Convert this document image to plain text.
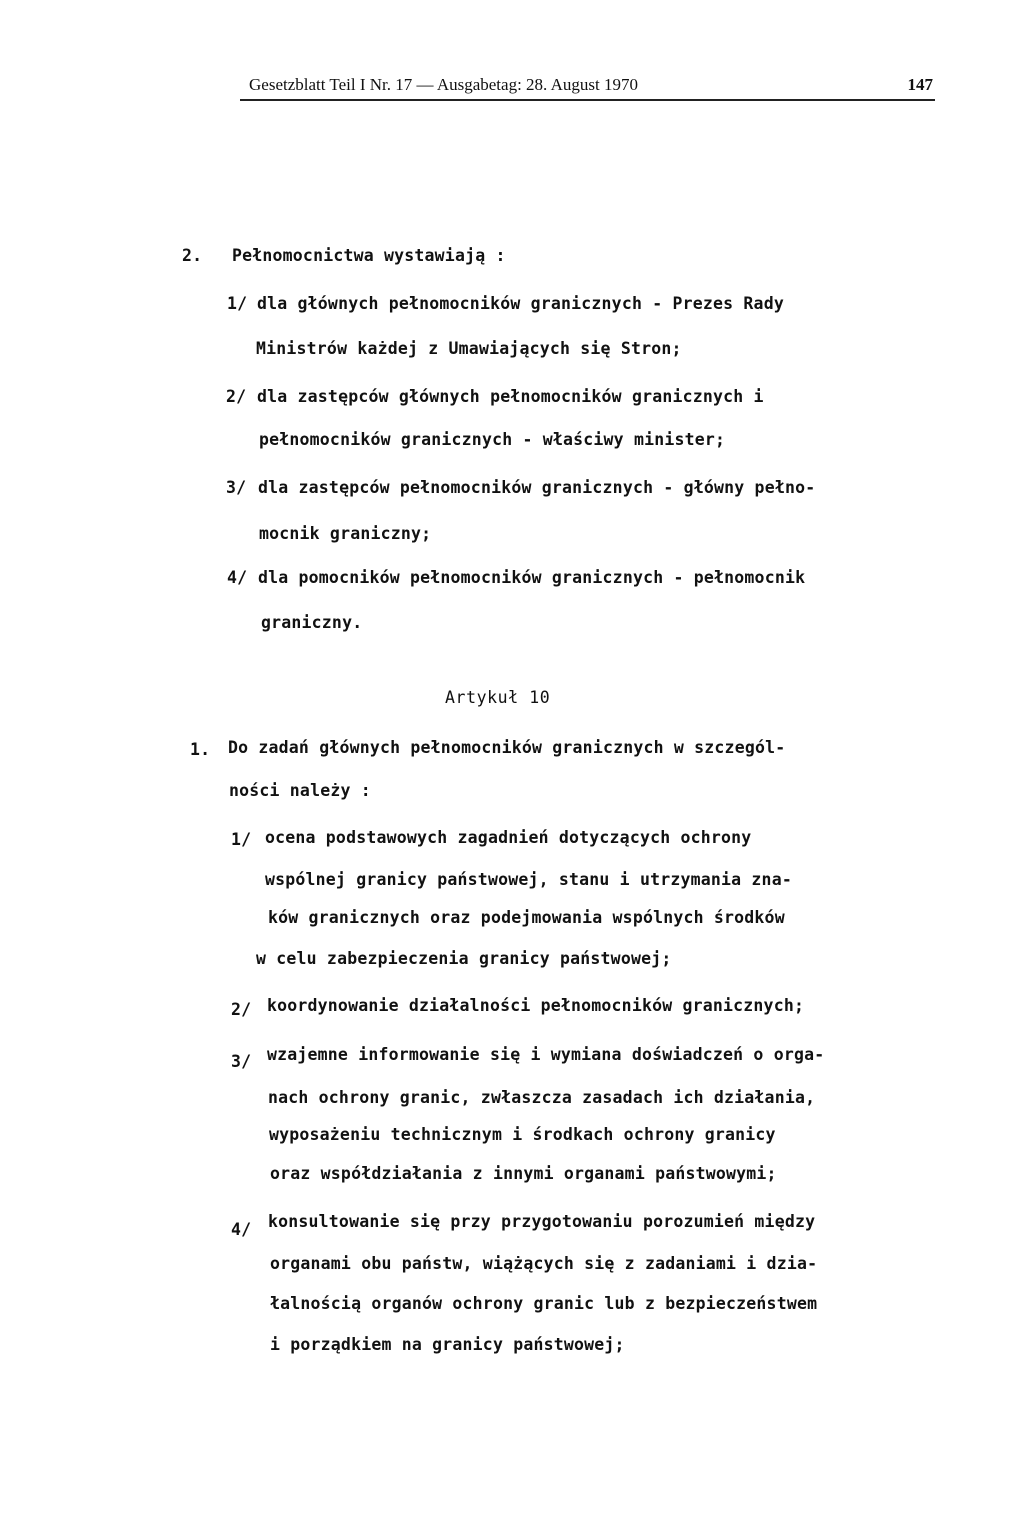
Gesetzblatt Teil I Nr. 17 — Ausgabetag: 28. August 1970	147
2. Pełnomocnictwa wystawiają :
1/ dla głównych pełnomocników granicznych - Prezes Rady
Ministrów każdej z Umawiających się Stron;
2/ dla zastępców głównych pełnomocników granicznych i
pełnomocników granicznych - właściwy minister;
3/ dla zastępców pełnomocników granicznych - główny pełno-
mocnik graniczny;
4/ dla pomocników pełnomocników granicznych - pełnomocnik
graniczny.
Artykuł 10
1. Do zadań głównych pełnomocników granicznych w szczegól-
ności należy :
1/ ocena podstawowych zagadnień dotyczących ochrony
wspólnej granicy państwowej, stanu i utrzymania zna-
ków granicznych oraz podejmowania wspólnych środków
w celu zabezpieczenia granicy państwowej;
2/ koordynowanie działalności pełnomocników granicznych;
3/ wzajemne informowanie się i wymiana doświadczeń o orga-
nach ochrony granic, zwłaszcza zasadach ich działania,
wyposażeniu technicznym i środkach ochrony granicy
oraz współdziałania z innymi organami państwowymi;
4/ konsultowanie się przy przygotowaniu porozumień między
organami obu państw, wiążących się z zadaniami i dzia-
łalnością organów ochrony granic lub z bezpieczeństwem
i porządkiem na granicy państwowej;
